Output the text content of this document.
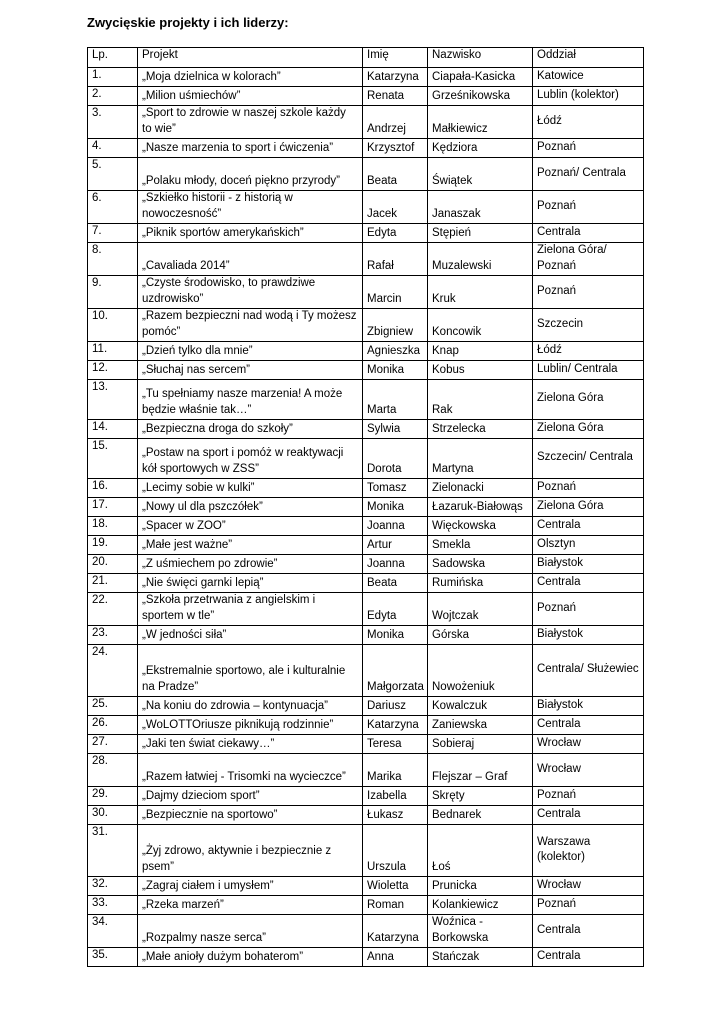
Zwycięskie projekty i ich liderzy:
Lp.	Projekt	Imię	Nazwisko	Oddział
1.	„Moja dzielnica w kolorach”	Katarzyna	Ciapała-Kasicka	Katowice
2.	„Milion uśmiechów”	Renata	Grześnikowska	Lublin (kolektor)
3.	„Sport to zdrowie w naszej szkole każdy to wie”	Andrzej	Małkiewicz	Łódź
4.	„Nasze marzenia to sport i ćwiczenia”	Krzysztof	Kędziora	Poznań
5.	„Polaku młody, doceń piękno przyrody”	Beata	Świątek	Poznań/ Centrala
6.	„Szkiełko historii - z historią w nowoczesność”	Jacek	Janaszak	Poznań
7.	„Piknik sportów amerykańskich”	Edyta	Stępień	Centrala
8.	„Cavaliada 2014”	Rafał	Muzalewski	Zielona Góra/ Poznań
9.	„Czyste środowisko, to prawdziwe uzdrowisko”	Marcin	Kruk	Poznań
10.	„Razem bezpieczni nad wodą i Ty możesz pomóc”	Zbigniew	Koncowik	Szczecin
11.	„Dzień tylko dla mnie”	Agnieszka	Knap	Łódź
12.	„Słuchaj nas sercem”	Monika	Kobus	Lublin/ Centrala
13.	„Tu spełniamy nasze marzenia! A może będzie właśnie tak…”	Marta	Rak	Zielona Góra
14.	„Bezpieczna droga do szkoły”	Sylwia	Strzelecka	Zielona Góra
15.	„Postaw na sport i pomóż w reaktywacji kół sportowych w ZSS”	Dorota	Martyna	Szczecin/ Centrala
16.	„Lecimy sobie w kulki”	Tomasz	Zielonacki	Poznań
17.	„Nowy ul dla pszczółek”	Monika	Łazaruk-Białowąs	Zielona Góra
18.	„Spacer w ZOO”	Joanna	Więckowska	Centrala
19.	„Małe jest ważne”	Artur	Smekla	Olsztyn
20.	„Z uśmiechem po zdrowie”	Joanna	Sadowska	Białystok
21.	„Nie święci garnki lepią”	Beata	Rumińska	Centrala
22.	„Szkoła przetrwania z angielskim i sportem w tle”	Edyta	Wojtczak	Poznań
23.	„W jedności siła”	Monika	Górska	Białystok
24.	„Ekstremalnie sportowo, ale i kulturalnie na Pradze”	Małgorzata	Nowożeniuk	Centrala/ Służewiec
25.	„Na koniu do zdrowia – kontynuacja”	Dariusz	Kowalczuk	Białystok
26.	„WoLOTTOriusze piknikują rodzinnie”	Katarzyna	Zaniewska	Centrala
27.	„Jaki ten świat ciekawy…”	Teresa	Sobieraj	Wrocław
28.	„Razem łatwiej - Trisomki na wycieczce”	Marika	Flejszar – Graf	Wrocław
29.	„Dajmy dzieciom sport”	Izabella	Skręty	Poznań
30.	„Bezpiecznie na sportowo”	Łukasz	Bednarek	Centrala
31.	„Żyj zdrowo, aktywnie i bezpiecznie z psem”	Urszula	Łoś	Warszawa (kolektor)
32.	„Zagraj ciałem i umysłem”	Wioletta	Prunicka	Wrocław
33.	„Rzeka marzeń”	Roman	Kolankiewicz	Poznań
34.	„Rozpalmy nasze serca”	Katarzyna	Woźnica - Borkowska	Centrala
35.	„Małe anioły dużym bohaterom”	Anna	Stańczak	Centrala
